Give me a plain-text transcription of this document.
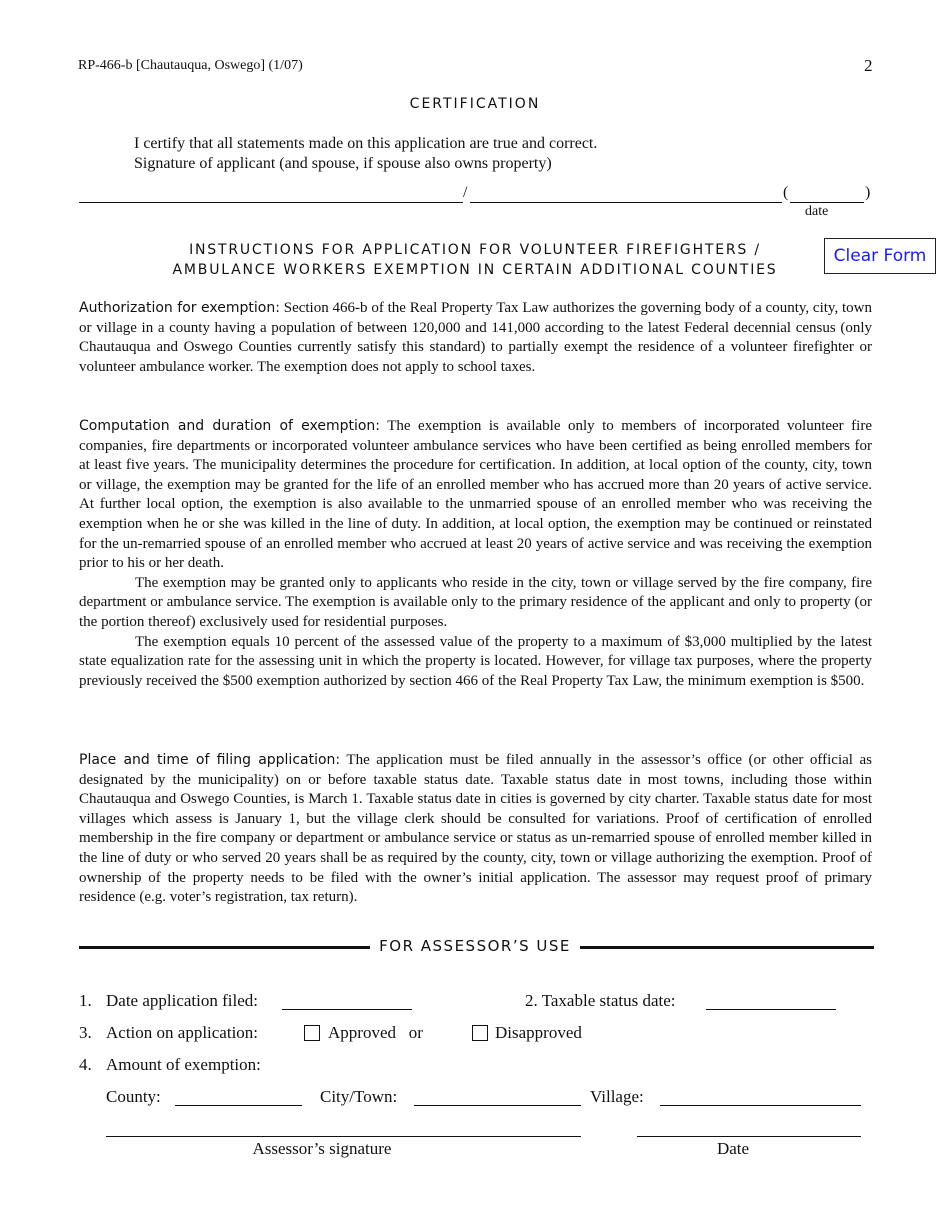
RP-466-b [Chautauqua, Oswego] (1/07)	2
CERTIFICATION
I certify that all statements made on this application are true and correct.
Signature of applicant (and spouse, if spouse also owns property)
/	(	)
date
INSTRUCTIONS FOR APPLICATION FOR VOLUNTEER FIREFIGHTERS /
AMBULANCE WORKERS EXEMPTION IN CERTAIN ADDITIONAL COUNTIES
Clear Form
Authorization for exemption: Section 466-b of the Real Property Tax Law authorizes the governing body of a county, city, town or village in a county having a population of between 120,000 and 141,000 according to the latest Federal decennial census (only Chautauqua and Oswego Counties currently satisfy this standard) to partially exempt the residence of a volunteer firefighter or volunteer ambulance worker. The exemption does not apply to school taxes.
Computation and duration of exemption: The exemption is available only to members of incorporated volunteer fire companies, fire departments or incorporated volunteer ambulance services who have been certified as being enrolled members for at least five years. The municipality determines the procedure for certification. In addition, at local option of the county, city, town or village, the exemption may be granted for the life of an enrolled member who has accrued more than 20 years of active service. At further local option, the exemption is also available to the unmarried spouse of an enrolled member who was receiving the exemption when he or she was killed in the line of duty. In addition, at local option, the exemption may be continued or reinstated for the un-remarried spouse of an enrolled member who accrued at least 20 years of active service and was receiving the exemption prior to his or her death.
The exemption may be granted only to applicants who reside in the city, town or village served by the fire company, fire department or ambulance service. The exemption is available only to the primary residence of the applicant and only to property (or the portion thereof) exclusively used for residential purposes.
The exemption equals 10 percent of the assessed value of the property to a maximum of $3,000 multiplied by the latest state equalization rate for the assessing unit in which the property is located. However, for village tax purposes, where the property previously received the $500 exemption authorized by section 466 of the Real Property Tax Law, the minimum exemption is $500.
Place and time of filing application: The application must be filed annually in the assessor’s office (or other official as designated by the municipality) on or before taxable status date. Taxable status date in most towns, including those within Chautauqua and Oswego Counties, is March 1. Taxable status date in cities is governed by city charter. Taxable status date for most villages which assess is January 1, but the village clerk should be consulted for variations. Proof of certification of enrolled membership in the fire company or department or ambulance service or status as un-remarried spouse of enrolled member killed in the line of duty or who served 20 years shall be as required by the county, city, town or village authorizing the exemption. Proof of ownership of the property needs to be filed with the owner’s initial application. The assessor may request proof of primary residence (e.g. voter’s registration, tax return).
FOR ASSESSOR’S USE
1. Date application filed:	2. Taxable status date:
3. Action on application:	Approved   or	Disapproved
4. Amount of exemption:
County:	City/Town:	Village:
Assessor’s signature	Date
